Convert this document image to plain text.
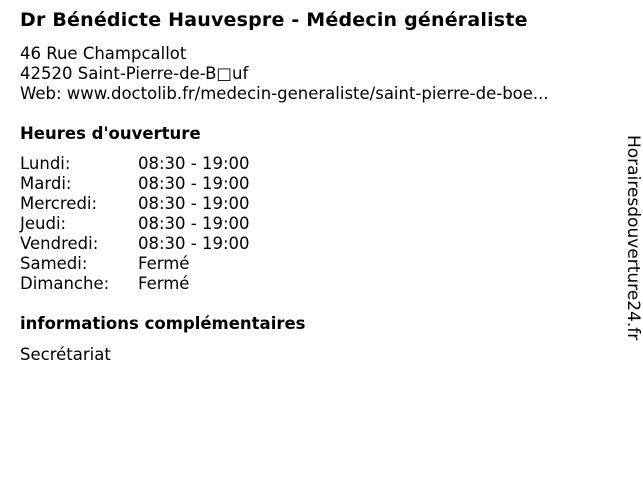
Dr Bénédicte Hauvespre - Médecin généraliste
46 Rue Champcallot
42520 Saint-Pierre-de-B□uf
Web: www.doctolib.fr/medecin-generaliste/saint-pierre-de-boe...
Heures d'ouverture
Lundi:	08:30 - 19:00
Mardi:	08:30 - 19:00
Mercredi:	08:30 - 19:00
Jeudi:	08:30 - 19:00
Vendredi:	08:30 - 19:00
Samedi:	Fermé
Dimanche:	Fermé
informations complémentaires
Secrétariat
Horairesdouverture24.fr
